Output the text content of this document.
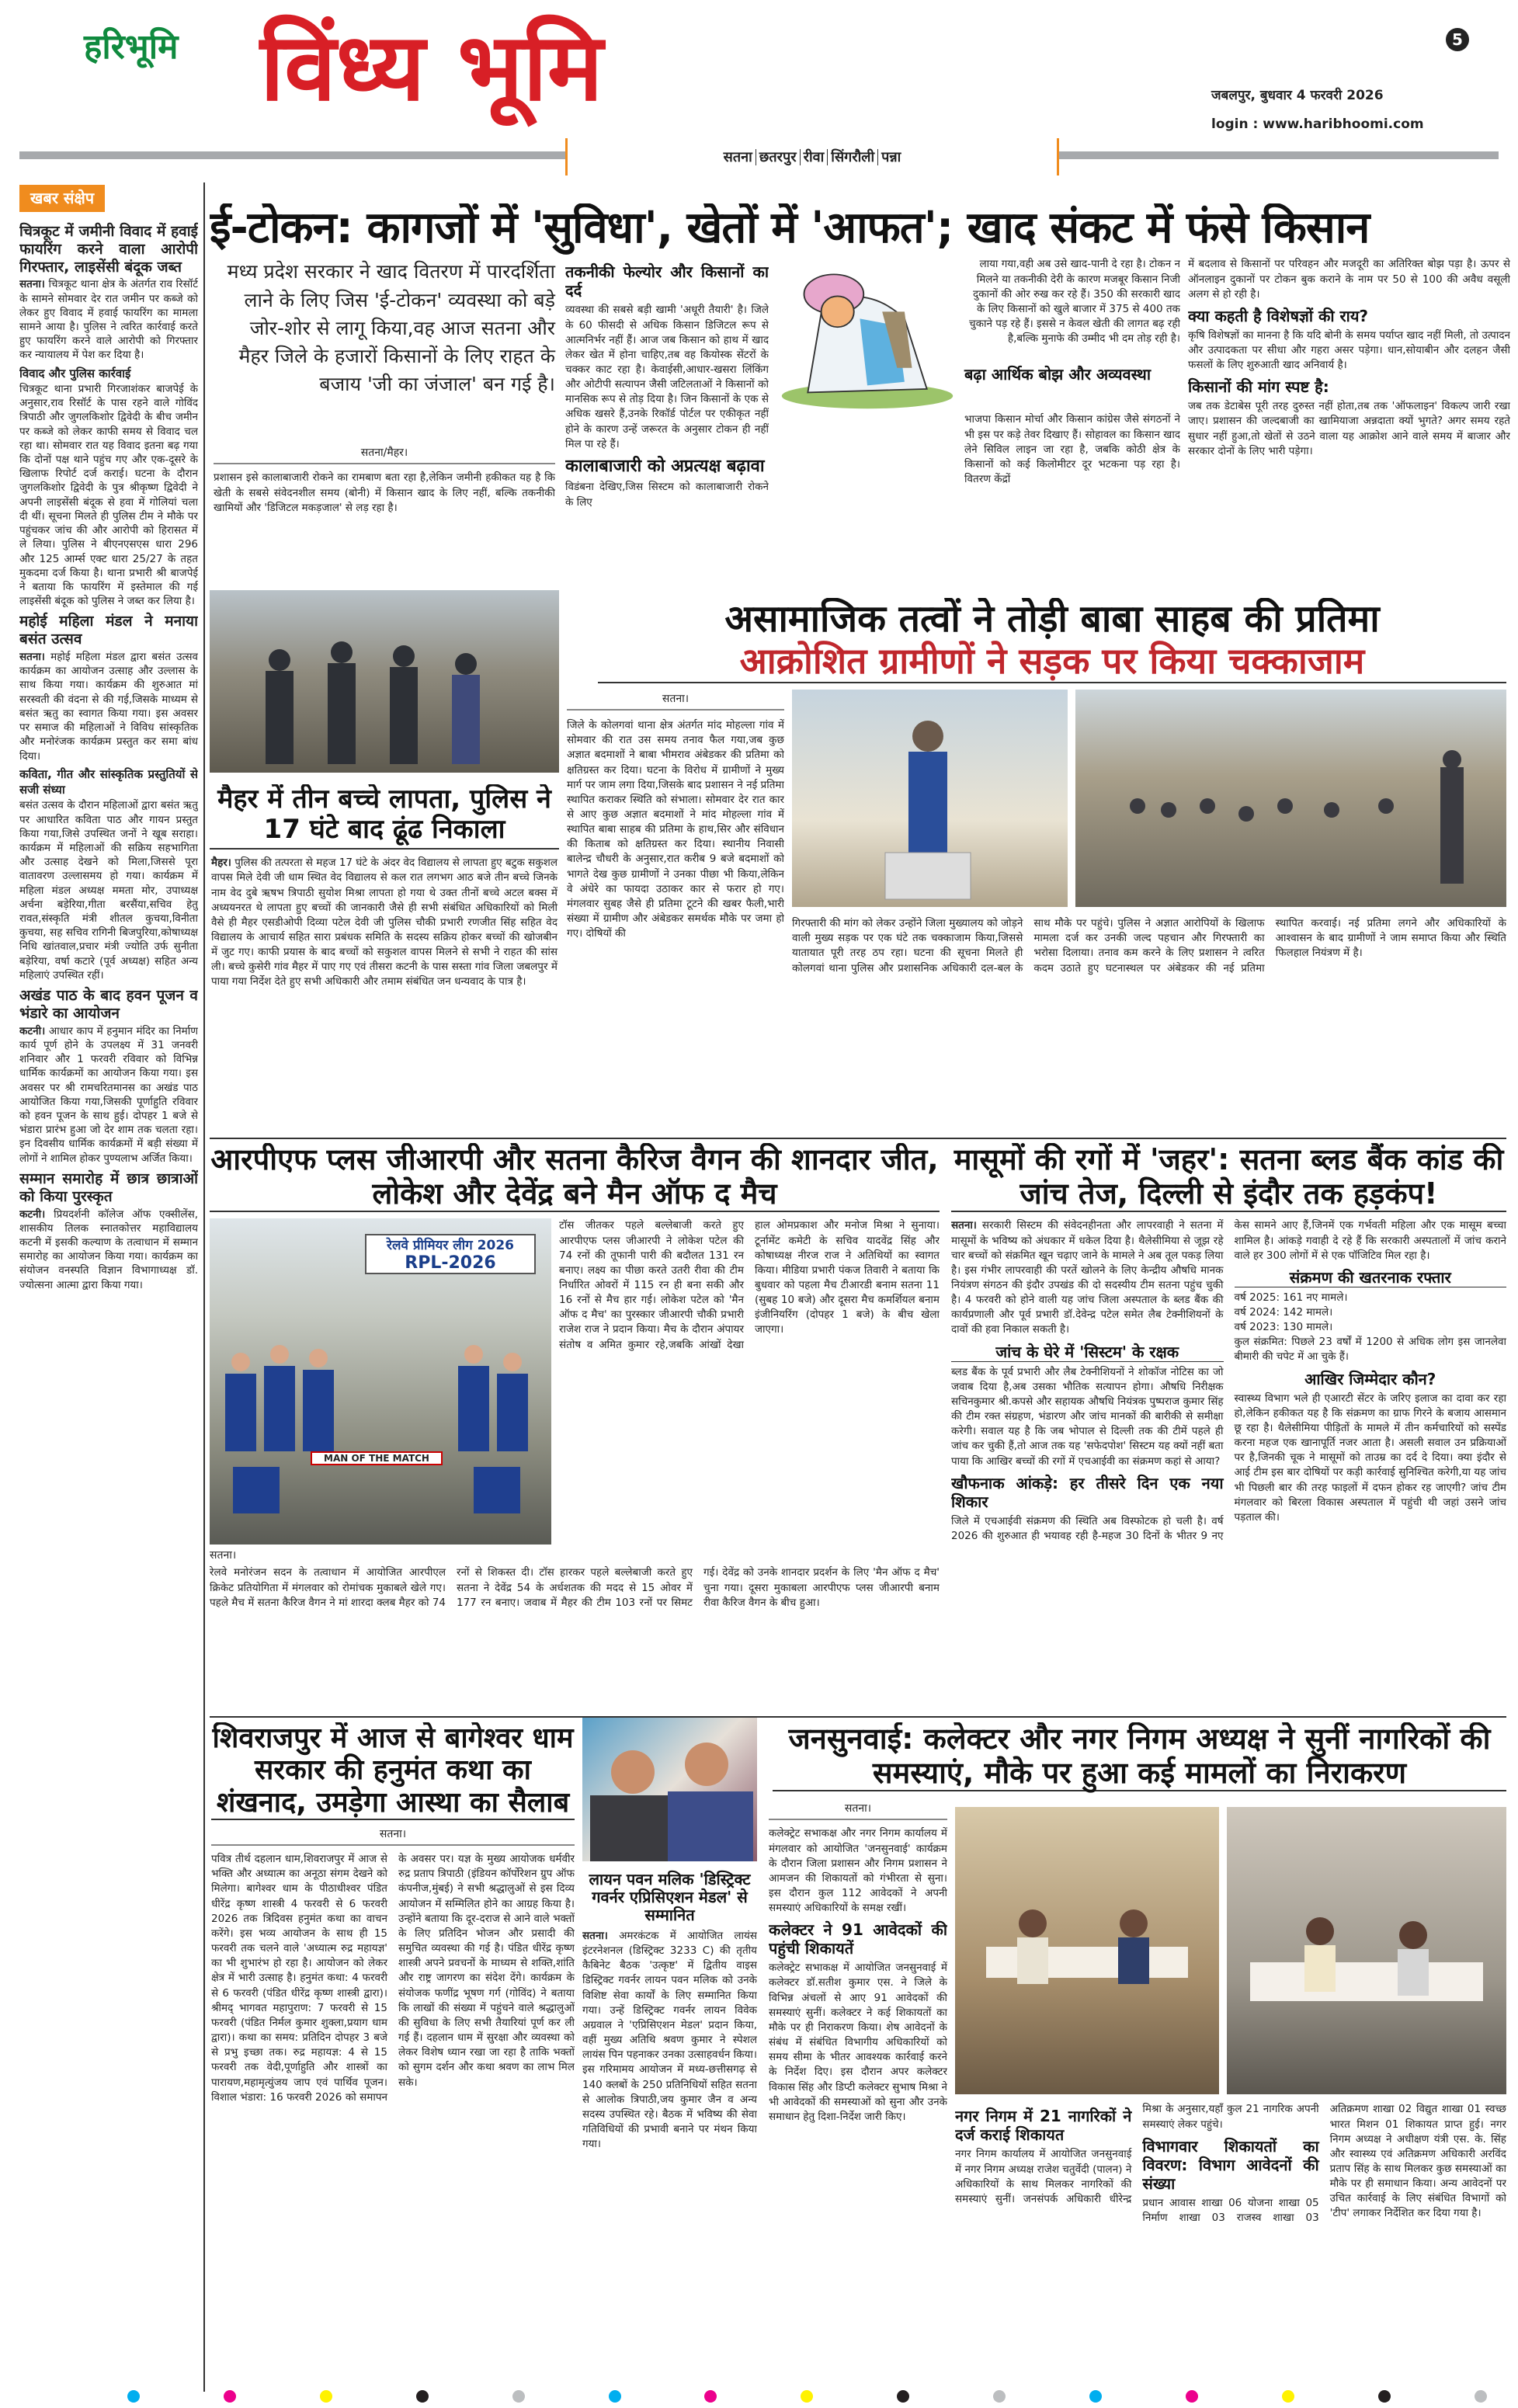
हरिभूमि विंध्य भूमि	5
जबलपुर, बुधवार 4 फरवरी 2026
login : www.haribhoomi.com
सतना छतरपुर रीवा सिंगरौली पन्ना
खबर संक्षेप
चित्रकूट में जमीनी विवाद में हवाई फायरिंग करने वाला आरोपी गिरफ्तार, लाइसेंसी बंदूक जब्त

सतना। चित्रकूट थाना क्षेत्र के अंतर्गत राव रिसॉर्ट के सामने सोमवार देर रात जमीन पर कब्जे को लेकर हुए विवाद में हवाई फायरिंग का मामला सामने आया है। पुलिस ने त्वरित कार्रवाई करते हुए फायरिंग करने वाले आरोपी को गिरफ्तार कर न्यायालय में पेश कर दिया है।

विवाद और पुलिस कार्रवाई

चित्रकूट थाना प्रभारी गिरजाशंकर बाजपेई के अनुसार,राव रिसॉर्ट के पास रहने वाले गोविंद त्रिपाठी और जुगलकिशोर द्विवेदी के बीच जमीन पर कब्जे को लेकर काफी समय से विवाद चल रहा था। सोमवार रात यह विवाद इतना बढ़ गया कि दोनों पक्ष थाने पहुंच गए और एक-दूसरे के खिलाफ रिपोर्ट दर्ज कराई। घटना के दौरान जुगलकिशोर द्विवेदी के पुत्र श्रीकृष्ण द्विवेदी ने अपनी लाइसेंसी बंदूक से हवा में गोलियां चला दी थीं। सूचना मिलते ही पुलिस टीम ने मौके पर पहुंचकर जांच की और आरोपी को हिरासत में ले लिया। पुलिस ने बीएनएसएस धारा 296 और 125 आर्म्स एक्ट धारा 25/27 के तहत मुकदमा दर्ज किया है। थाना प्रभारी श्री बाजपेई ने बताया कि फायरिंग में इस्तेमाल की गई लाइसेंसी बंदूक को पुलिस ने जब्त कर लिया है।

महोई महिला मंडल ने मनाया बसंत उत्सव

सतना। महोई महिला मंडल द्वारा बसंत उत्सव कार्यक्रम का आयोजन उत्साह और उल्लास के साथ किया गया। कार्यक्रम की शुरुआत मां सरस्वती की वंदना से की गई,जिसके माध्यम से बसंत ऋतु का स्वागत किया गया। इस अवसर पर समाज की महिलाओं ने विविध सांस्कृतिक और मनोरंजक कार्यक्रम प्रस्तुत कर समा बांध दिया।

कविता, गीत और सांस्कृतिक प्रस्तुतियों से सजी संध्या

बसंत उत्सव के दौरान महिलाओं द्वारा बसंत ऋतु पर आधारित कविता पाठ और गायन प्रस्तुत किया गया,जिसे उपस्थित जनों ने खूब सराहा। कार्यक्रम में महिलाओं की सक्रिय सहभागिता और उत्साह देखने को मिला,जिससे पूरा वातावरण उल्लासमय हो गया। कार्यक्रम में महिला मंडल अध्यक्ष ममता मोर, उपाध्यक्ष अर्चना बड़ेरिया,गीता बरसैंया,सचिव हेतु रावत,संस्कृति मंत्री शीतल कुचया,विनीता कुचया, सह सचिव रागिनी बिजपुरिया,कोषाध्यक्ष निधि खांतवाल,प्रचार मंत्री ज्योति उर्फ सुनीता बड़ेरिया, वर्षा कटारे (पूर्व अध्यक्ष) सहित अन्य महिलाएं उपस्थित रहीं।

अखंड पाठ के बाद हवन पूजन व भंडारे का आयोजन

कटनी। आधार काप में हनुमान मंदिर का निर्माण कार्य पूर्ण होने के उपलक्ष्य में 31 जनवरी शनिवार और 1 फरवरी रविवार को विभिन्न धार्मिक कार्यक्रमों का आयोजन किया गया। इस अवसर पर श्री रामचरितमानस का अखंड पाठ आयोजित किया गया,जिसकी पूर्णाहुति रविवार को हवन पूजन के साथ हुई। दोपहर 1 बजे से भंडारा प्रारंभ हुआ जो देर शाम तक चलता रहा। इन दिवसीय धार्मिक कार्यक्रमों में बड़ी संख्या में लोगों ने शामिल होकर पुण्यलाभ अर्जित किया।

सम्मान समारोह में छात्र छात्राओं को किया पुरस्कृत

कटनी। प्रियदर्शनी कॉलेज ऑफ एक्सीलेंस, शासकीय तिलक स्नातकोत्तर महाविद्यालय कटनी में इसकी कल्याण के तत्वाधान में सम्मान समारोह का आयोजन किया गया। कार्यक्रम का संयोजन वनस्पति विज्ञान विभागाध्यक्ष डॉ. ज्योत्सना आत्मा द्वारा किया गया।

ई-टोकन: कागजों में 'सुविधा', खेतों में 'आफत'; खाद संकट में फंसे किसान
मध्य प्रदेश सरकार ने खाद वितरण में पारदर्शिता लाने के लिए जिस 'ई-टोकन' व्यवस्था को बड़े जोर-शोर से लागू किया,वह आज सतना और मैहर जिले के हजारों किसानों के लिए राहत के बजाय 'जी का जंजाल' बन गई है।
सतना/मैहर।
प्रशासन इसे कालाबाजारी रोकने का रामबाण बता रहा है,लेकिन जमीनी हकीकत यह है कि खेती के सबसे संवेदनशील समय (बोनी) में किसान खाद के लिए नहीं, बल्कि तकनीकी खामियों और 'डिजिटल मकड़जाल' से लड़ रहा है।
तकनीकी फेल्योर और किसानों का दर्द

व्यवस्था की सबसे बड़ी खामी 'अधूरी तैयारी' है। जिले के 60 फीसदी से अधिक किसान डिजिटल रूप से आत्मनिर्भर नहीं हैं। आज जब किसान को हाथ में खाद लेकर खेत में होना चाहिए,तब वह कियोस्क सेंटरों के चक्कर काट रहा है। केवाईसी,आधार-खसरा लिंकिंग और ओटीपी सत्यापन जैसी जटिलताओं ने किसानों को मानसिक रूप से तोड़ दिया है। जिन किसानों के एक से अधिक खसरे हैं,उनके रिकॉर्ड पोर्टल पर एकीकृत नहीं होने के कारण उन्हें जरूरत के अनुसार टोकन ही नहीं मिल पा रहे हैं।

कालाबाजारी को अप्रत्यक्ष बढ़ावा

विडंबना देखिए,जिस सिस्टम को कालाबाजारी रोकने के लिए

लाया गया,वही अब उसे खाद-पानी दे रहा है। टोकन न मिलने या तकनीकी देरी के कारण मजबूर किसान निजी दुकानों की ओर रुख कर रहे हैं। 350 की सरकारी खाद के लिए किसानों को खुले बाजार में 375 से 400 तक चुकाने पड़ रहे हैं। इससे न केवल खेती की लागत बढ़ रही है,बल्कि मुनाफे की उम्मीद भी दम तोड़ रही है।
बढ़ा आर्थिक बोझ और अव्यवस्था
भाजपा किसान मोर्चा और किसान कांग्रेस जैसे संगठनों ने भी इस पर कड़े तेवर दिखाए हैं। सोहावल का किसान खाद लेने सिविल लाइन जा रहा है, जबकि कोठी क्षेत्र के किसानों को कई किलोमीटर दूर भटकना पड़ रहा है। वितरण केंद्रों

में बदलाव से किसानों पर परिवहन और मजदूरी का अतिरिक्त बोझ पड़ा है। ऊपर से ऑनलाइन दुकानों पर टोकन बुक कराने के नाम पर 50 से 100 की अवैध वसूली अलग से हो रही है।

क्या कहती है विशेषज्ञों की राय?

कृषि विशेषज्ञों का मानना है कि यदि बोनी के समय पर्याप्त खाद नहीं मिली, तो उत्पादन और उत्पादकता पर सीधा और गहरा असर पड़ेगा। धान,सोयाबीन और दलहन जैसी फसलों के लिए शुरुआती खाद अनिवार्य है।

किसानों की मांग स्पष्ट है:

जब तक डेटाबेस पूरी तरह दुरुस्त नहीं होता,तब तक 'ऑफलाइन' विकल्प जारी रखा जाए। प्रशासन की जल्दबाजी का खामियाजा अन्नदाता क्यों भुगते? अगर समय रहते सुधार नहीं हुआ,तो खेतों से उठने वाला यह आक्रोश आने वाले समय में बाजार और सरकार दोनों के लिए भारी पड़ेगा।

मैहर में तीन बच्चे लापता, पुलिस ने 17 घंटे बाद ढूंढ निकाला
मैहर। पुलिस की तत्परता से महज 17 घंटे के अंदर वेद विद्यालय से लापता हुए बटुक सकुशल वापस मिले देवी जी धाम स्थित वेद विद्यालय से कल रात लगभग आठ बजे तीन बच्चे जिनके नाम वेद दुबे ऋषभ त्रिपाठी सुयोश मिश्रा लापता हो गया थे उक्त तीनों बच्चे अटल बक्स में अध्ययनरत थे लापता हुए बच्चों की जानकारी जैसे ही सभी संबंधित अधिकारियों को मिली वैसे ही मैहर एसडीओपी दिव्या पटेल देवी जी पुलिस चौकी प्रभारी रणजीत सिंह सहित वेद विद्यालय के आचार्य सहित सारा प्रबंधक समिति के सदस्य सक्रिय होकर बच्चों की खोजबीन में जुट गए। काफी प्रयास के बाद बच्चों को सकुशल वापस मिलने से सभी ने राहत की सांस ली। बच्चे कुसेरी गांव मैहर में पाए गए एवं तीसरा कटनी के पास सस्ता गांव जिला जबलपुर में पाया गया निर्देश देते हुए सभी अधिकारी और तमाम संबंधित जन धन्यवाद के पात्र है।
असामाजिक तत्वों ने तोड़ी बाबा साहब की प्रतिमा
आक्रोशित ग्रामीणों ने सड़क पर किया चक्काजाम
सतना।
जिले के कोलगवां थाना क्षेत्र अंतर्गत मांद मोहल्ला गांव में सोमवार की रात उस समय तनाव फैल गया,जब कुछ अज्ञात बदमाशों ने बाबा भीमराव अंबेडकर की प्रतिमा को क्षतिग्रस्त कर दिया। घटना के विरोध में ग्रामीणों ने मुख्य मार्ग पर जाम लगा दिया,जिसके बाद प्रशासन ने नई प्रतिमा स्थापित कराकर स्थिति को संभाला। सोमवार देर रात कार से आए कुछ अज्ञात बदमाशों ने मांद मोहल्ला गांव में स्थापित बाबा साहब की प्रतिमा के हाथ,सिर और संविधान की किताब को क्षतिग्रस्त कर दिया। स्थानीय निवासी बालेन्द्र चौधरी के अनुसार,रात करीब 9 बजे बदमाशों को भागते देख कुछ ग्रामीणों ने उनका पीछा भी किया,लेकिन वे अंधेरे का फायदा उठाकर कार से फरार हो गए। मंगलवार सुबह जैसे ही प्रतिमा टूटने की खबर फैली,भारी संख्या में ग्रामीण और अंबेडकर समर्थक मौके पर जमा हो गए। दोषियों की
गिरफ्तारी की मांग को लेकर उन्होंने जिला मुख्यालय को जोड़ने वाली मुख्य सड़क पर एक घंटे तक चक्काजाम किया,जिससे यातायात पूरी तरह ठप रहा। घटना की सूचना मिलते ही कोलगवां थाना पुलिस और प्रशासनिक अधिकारी दल-बल के साथ मौके पर पहुंचे। पुलिस ने अज्ञात आरोपियों के खिलाफ मामला दर्ज कर उनकी जल्द पहचान और गिरफ्तारी का भरोसा दिलाया। तनाव कम करने के लिए प्रशासन ने त्वरित कदम उठाते हुए घटनास्थल पर अंबेडकर की नई प्रतिमा स्थापित करवाई। नई प्रतिमा लगने और अधिकारियों के आश्वासन के बाद ग्रामीणों ने जाम समाप्त किया और स्थिति फिलहाल नियंत्रण में है।
आरपीएफ प्लस जीआरपी और सतना कैरिज वैगन की शानदार जीत, लोकेश और देवेंद्र बने मैन ऑफ द मैच
रेलवे प्रीमियर लीग 2026
RPL-2026
MAN OF THE MATCH
सतना।
टॉस जीतकर पहले बल्लेबाजी करते हुए आरपीएफ प्लस जीआरपी ने लोकेश पटेल की 74 रनों की तूफानी पारी की बदौलत 131 रन बनाए। लक्ष्य का पीछा करते उतरी रीवा की टीम निर्धारित ओवरों में 115 रन ही बना सकी और 16 रनों से मैच हार गई। लोकेश पटेल को 'मैन ऑफ द मैच' का पुरस्कार जीआरपी चौकी प्रभारी राजेश राज ने प्रदान किया। मैच के दौरान अंपायर संतोष व अमित कुमार रहे,जबकि आंखों देखा हाल ओमप्रकाश और मनोज मिश्रा ने सुनाया। टूर्नामेंट कमेटी के सचिव यादवेंद्र सिंह और कोषाध्यक्ष नीरज राज ने अतिथियों का स्वागत किया। मीडिया प्रभारी पंकज तिवारी ने बताया कि बुधवार को पहला मैच टीआरडी बनाम सतना 11 (सुबह 10 बजे) और दूसरा मैच कमर्शियल बनाम इंजीनियरिंग (दोपहर 1 बजे) के बीच खेला जाएगा।
रेलवे मनोरंजन सदन के तत्वाधान में आयोजित आरपीएल क्रिकेट प्रतियोगिता में मंगलवार को रोमांचक मुकाबले खेले गए। पहले मैच में सतना कैरिज वैगन ने मां शारदा क्लब मैहर को 74 रनों से शिकस्त दी। टॉस हारकर पहले बल्लेबाजी करते हुए सतना ने देवेंद्र 54 के अर्धशतक की मदद से 15 ओवर में 177 रन बनाए। जवाब में मैहर की टीम 103 रनों पर सिमट गई। देवेंद्र को उनके शानदार प्रदर्शन के लिए 'मैन ऑफ द मैच' चुना गया। दूसरा मुकाबला आरपीएफ प्लस जीआरपी बनाम रीवा कैरिज वैगन के बीच हुआ।
मासूमों की रगों में 'जहर': सतना ब्लड बैंक कांड की जांच तेज, दिल्ली से इंदौर तक हड़कंप!

सतना। सरकारी सिस्टम की संवेदनहीनता और लापरवाही ने सतना में मासूमों के भविष्य को अंधकार में धकेल दिया है। थैलेसीमिया से जूझ रहे चार बच्चों को संक्रमित खून चढ़ाए जाने के मामले ने अब तूल पकड़ लिया है। इस गंभीर लापरवाही की परतें खोलने के लिए केन्द्रीय औषधि मानक नियंत्रण संगठन की इंदौर उपखंड की दो सदस्यीय टीम सतना पहुंच चुकी है। 4 फरवरी को होने वाली यह जांच जिला अस्पताल के ब्लड बैंक की कार्यप्रणाली और पूर्व प्रभारी डॉ.देवेन्द्र पटेल समेत लैब टेक्नीशियनों के दावों की हवा निकाल सकती है।

जांच के घेरे में 'सिस्टम' के रक्षक

ब्लड बैंक के पूर्व प्रभारी और लैब टेक्नीशियनों ने शोकॉज नोटिस का जो जवाब दिया है,अब उसका भौतिक सत्यापन होगा। औषधि निरीक्षक सचिनकुमार श्री.कपसे और सहायक औषधि नियंत्रक पुष्पराज कुमार सिंह की टीम रक्त संग्रहण, भंडारण और जांच मानकों की बारीकी से समीक्षा करेगी। सवाल यह है कि जब भोपाल से दिल्ली तक की टीमें पहले ही जांच कर चुकी हैं,तो आज तक यह 'सफेदपोश' सिस्टम यह क्यों नहीं बता पाया कि आखिर बच्चों की रगों में एचआईवी का संक्रमण कहां से आया?

खौफनाक आंकड़े: हर तीसरे दिन एक नया शिकार

जिले में एचआईवी संक्रमण की स्थिति अब विस्फोटक हो चली है। वर्ष 2026 की शुरुआत ही भयावह रही है-महज 30 दिनों के भीतर 9 नए केस सामने आए हैं,जिनमें एक गर्भवती महिला और एक मासूम बच्चा शामिल है। आंकड़े गवाही दे रहे हैं कि सरकारी अस्पतालों में जांच कराने वाले हर 300 लोगों में से एक पॉजिटिव मिल रहा है।

संक्रमण की खतरनाक रफ्तार

वर्ष 2025: 161 नए मामले।

वर्ष 2024: 142 मामले।

वर्ष 2023: 130 मामले।

कुल संक्रमित: पिछले 23 वर्षों में 1200 से अधिक लोग इस जानलेवा बीमारी की चपेट में आ चुके हैं।

आखिर जिम्मेदार कौन?

स्वास्थ्य विभाग भले ही एआरटी सेंटर के जरिए इलाज का दावा कर रहा हो,लेकिन हकीकत यह है कि संक्रमण का ग्राफ गिरने के बजाय आसमान छू रहा है। थैलेसीमिया पीड़ितों के मामले में तीन कर्मचारियों को सस्पेंड करना महज एक खानापूर्ति नजर आता है। असली सवाल उन प्रक्रियाओं पर है,जिनकी चूक ने मासूमों को ताउम्र का दर्द दे दिया। क्या इंदौर से आई टीम इस बार दोषियों पर कड़ी कार्रवाई सुनिश्चित करेगी,या यह जांच भी पिछली बार की तरह फाइलों में दफन होकर रह जाएगी? जांच टीम मंगलवार को बिरला विकास अस्पताल में पहुंची थी जहां उसने जांच पड़ताल की।

शिवराजपुर में आज से बागेश्वर धाम सरकार की हनुमंत कथा का शंखनाद, उमड़ेगा आस्था का सैलाब
सतना।
पवित्र तीर्थ दहलान धाम,शिवराजपुर में आज से भक्ति और अध्यात्म का अनूठा संगम देखने को मिलेगा। बागेश्वर धाम के पीठाधीश्वर पंडित धीरेंद्र कृष्ण शास्त्री 4 फरवरी से 6 फरवरी 2026 तक त्रिदिवस हनुमंत कथा का वाचन करेंगे। इस भव्य आयोजन के साथ ही 15 फरवरी तक चलने वाले 'अध्यात्म रुद्र महायज्ञ' का भी शुभारंभ हो रहा है। आयोजन को लेकर क्षेत्र में भारी उत्साह है। हनुमंत कथा: 4 फरवरी से 6 फरवरी (पंडित धीरेंद्र कृष्ण शास्त्री द्वारा)। श्रीमद् भागवत महापुराण: 7 फरवरी से 15 फरवरी (पंडित निर्मल कुमार शुक्ला,प्रयाग धाम द्वारा)। कथा का समय: प्रतिदिन दोपहर 3 बजे से प्रभु इच्छा तक। रुद्र महायज्ञ: 4 से 15 फरवरी तक वेदी,पूर्णाहुति और शास्त्रों का पारायण,महामृत्युंजय जाप एवं पार्थिव पूजन। विशाल भंडारा: 16 फरवरी 2026 को समापन के अवसर पर। यज्ञ के मुख्य आयोजक धर्मवीर रुद्र प्रताप त्रिपाठी (इंडियन कॉर्पोरेशन ग्रुप ऑफ कंपनीज,मुंबई) ने सभी श्रद्धालुओं से इस दिव्य आयोजन में सम्मिलित होने का आग्रह किया है। उन्होंने बताया कि दूर-दराज से आने वाले भक्तों के लिए प्रतिदिन भोजन और प्रसादी की समुचित व्यवस्था की गई है। पंडित धीरेंद्र कृष्ण शास्त्री अपने प्रवचनों के माध्यम से शक्ति,शांति और राष्ट्र जागरण का संदेश देंगे। कार्यक्रम के संयोजक फणींद्र भूषण गर्ग (गोविंद) ने बताया कि लाखों की संख्या में पहुंचने वाले श्रद्धालुओं की सुविधा के लिए सभी तैयारियां पूर्ण कर ली गई हैं। दहलान धाम में सुरक्षा और व्यवस्था को लेकर विशेष ध्यान रखा जा रहा है ताकि भक्तों को सुगम दर्शन और कथा श्रवण का लाभ मिल सके।
लायन पवन मलिक 'डिस्ट्रिक्ट गवर्नर एप्रिसिएशन मेडल' से सम्मानित
सतना। अमरकंटक में आयोजित लायंस इंटरनेशनल (डिस्ट्रिक्ट 3233 C) की तृतीय कैबिनेट बैठक 'उत्कृष्ट' में द्वितीय वाइस डिस्ट्रिक्ट गवर्नर लायन पवन मलिक को उनके विशिष्ट सेवा कार्यों के लिए सम्मानित किया गया। उन्हें डिस्ट्रिक्ट गवर्नर लायन विवेक अग्रवाल ने 'एप्रिसिएशन मेडल' प्रदान किया, वहीं मुख्य अतिथि श्रवण कुमार ने स्पेशल लायंस पिन पहनाकर उनका उत्साहवर्धन किया। इस गरिमामय आयोजन में मध्य-छत्तीसगढ़ से 140 क्लबों के 250 प्रतिनिधियों सहित सतना से आलोक त्रिपाठी,जय कुमार जैन व अन्य सदस्य उपस्थित रहे। बैठक में भविष्य की सेवा गतिविधियों की प्रभावी बनाने पर मंथन किया गया।
जनसुनवाई: कलेक्टर और नगर निगम अध्यक्ष ने सुनीं नागरिकों की समस्याएं, मौके पर हुआ कई मामलों का निराकरण
सतना।

कलेक्ट्रेट सभाकक्ष और नगर निगम कार्यालय में मंगलवार को आयोजित 'जनसुनवाई' कार्यक्रम के दौरान जिला प्रशासन और निगम प्रशासन ने आमजन की शिकायतों को गंभीरता से सुना। इस दौरान कुल 112 आवेदकों ने अपनी समस्याएं अधिकारियों के समक्ष रखीं।

कलेक्टर ने 91 आवेदकों की पहुंची शिकायतें

कलेक्ट्रेट सभाकक्ष में आयोजित जनसुनवाई में कलेक्टर डॉ.सतीश कुमार एस. ने जिले के विभिन्न अंचलों से आए 91 आवेदकों की समस्याएं सुनीं। कलेक्टर ने कई शिकायतों का मौके पर ही निराकरण किया। शेष आवेदनों के संबंध में संबंधित विभागीय अधिकारियों को समय सीमा के भीतर आवश्यक कार्रवाई करने के निर्देश दिए। इस दौरान अपर कलेक्टर विकास सिंह और डिप्टी कलेक्टर सुभाष मिश्रा ने भी आवेदकों की समस्याओं को सुना और उनके समाधान हेतु दिशा-निर्देश जारी किए।	नगर निगम में 21 नागरिकों ने दर्ज कराई शिकायत

नगर निगम कार्यालय में आयोजित जनसुनवाई में नगर निगम अध्यक्ष राजेश चतुर्वेदी (पालन) ने अधिकारियों के साथ मिलकर नागरिकों की समस्याएं सुनीं। जनसंपर्क अधिकारी धीरेन्द्र मिश्रा के अनुसार,यहाँ कुल 21 नागरिक अपनी समस्याएं लेकर पहुंचे।

विभागवार शिकायतों का विवरण: विभाग आवेदनों की संख्या

प्रधान आवास शाखा 06 योजना शाखा 05 निर्माण शाखा 03 राजस्व शाखा 03 अतिक्रमण शाखा 02 विद्युत शाखा 01 स्वच्छ भारत मिशन 01 शिकायत प्राप्त हुई। नगर निगम अध्यक्ष ने अधीक्षण यंत्री एस. के. सिंह और स्वास्थ्य एवं अतिक्रमण अधिकारी अरविंद प्रताप सिंह के साथ मिलकर कुछ समस्याओं का मौके पर ही समाधान किया। अन्य आवेदनों पर उचित कार्रवाई के लिए संबंधित विभागों को 'टीप' लगाकर निर्देशित कर दिया गया है।
